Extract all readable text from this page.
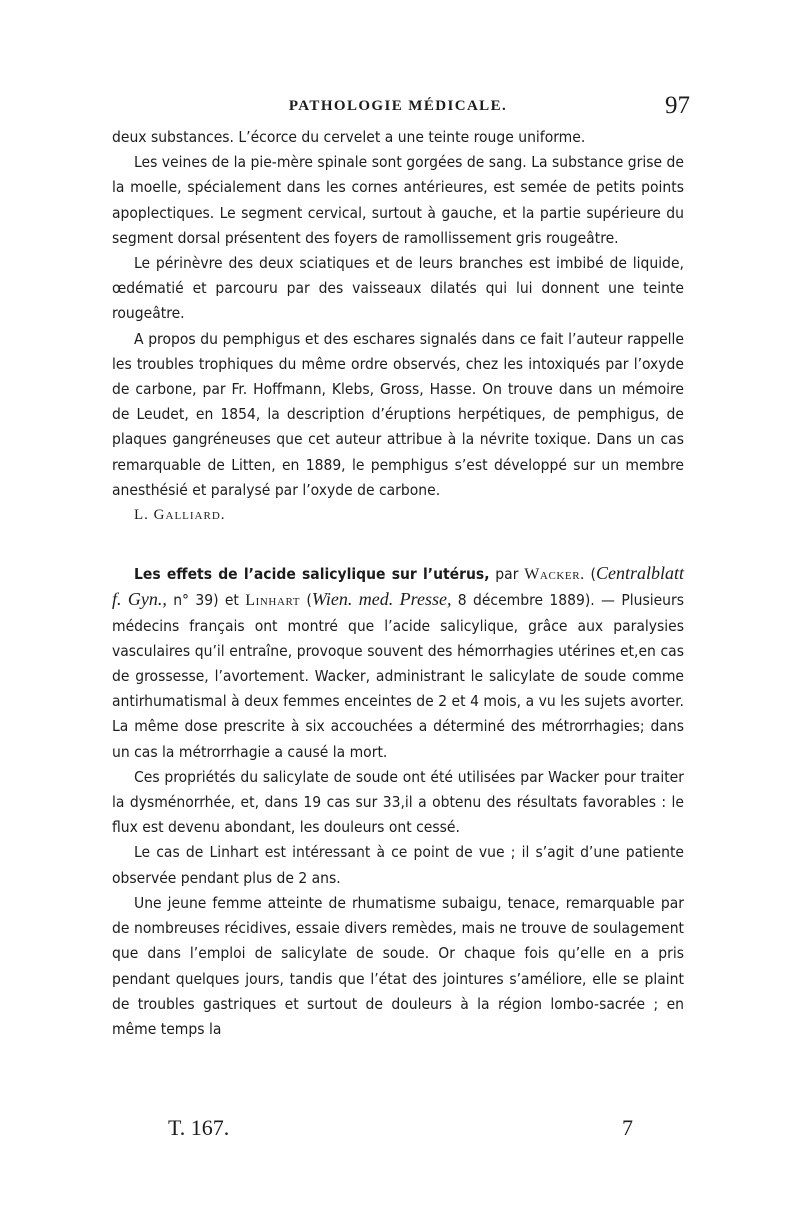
PATHOLOGIE MÉDICALE.	97

deux substances. L’écorce du cervelet a une teinte rouge uniforme.

Les veines de la pie-mère spinale sont gorgées de sang. La substance grise de la moelle, spécialement dans les cornes antérieures, est semée de petits points apoplectiques. Le segment cervical, surtout à gauche, et la partie supérieure du segment dorsal présentent des foyers de ramollissement gris rougeâtre.

Le périnèvre des deux sciatiques et de leurs branches est imbibé de liquide, œdématié et parcouru par des vaisseaux dilatés qui lui donnent une teinte rougeâtre.

A propos du pemphigus et des eschares signalés dans ce fait l’auteur rappelle les troubles trophiques du même ordre observés, chez les intoxiqués par l’oxyde de carbone, par Fr. Hoffmann, Klebs, Gross, Hasse. On trouve dans un mémoire de Leudet, en 1854, la description d’éruptions herpétiques, de pemphigus, de plaques gangréneuses que cet auteur attribue à la névrite toxique. Dans un cas remarquable de Litten, en 1889, le pemphigus s’est développé sur un membre anesthésié et paralysé par l’oxyde de carbone.

L. Galliard.

Les effets de l’acide salicylique sur l’utérus, par Wacker. (Centralblatt f. Gyn., n° 39) et Linhart (Wien. med. Presse, 8 décembre 1889). — Plusieurs médecins français ont montré que l’acide salicylique, grâce aux paralysies vasculaires qu’il entraîne, provoque souvent des hémorrhagies utérines et,en cas de grossesse, l’avortement. Wacker, administrant le salicylate de soude comme antirhumatismal à deux femmes enceintes de 2 et 4 mois, a vu les sujets avorter. La même dose prescrite à six accouchées a déterminé des métrorrhagies; dans un cas la métrorrhagie a causé la mort.

Ces propriétés du salicylate de soude ont été utilisées par Wacker pour traiter la dysménorrhée, et, dans 19 cas sur 33,il a obtenu des résultats favorables : le flux est devenu abondant, les douleurs ont cessé.

Le cas de Linhart est intéressant à ce point de vue ; il s’agit d’une patiente observée pendant plus de 2 ans.

Une jeune femme atteinte de rhumatisme subaigu, tenace, remarquable par de nombreuses récidives, essaie divers remèdes, mais ne trouve de soulagement que dans l’emploi de salicylate de soude. Or chaque fois qu’elle en a pris pendant quelques jours, tandis que l’état des jointures s’améliore, elle se plaint de troubles gastriques et surtout de douleurs à la région lombo-sacrée ; en même temps la

T. 167.	7
